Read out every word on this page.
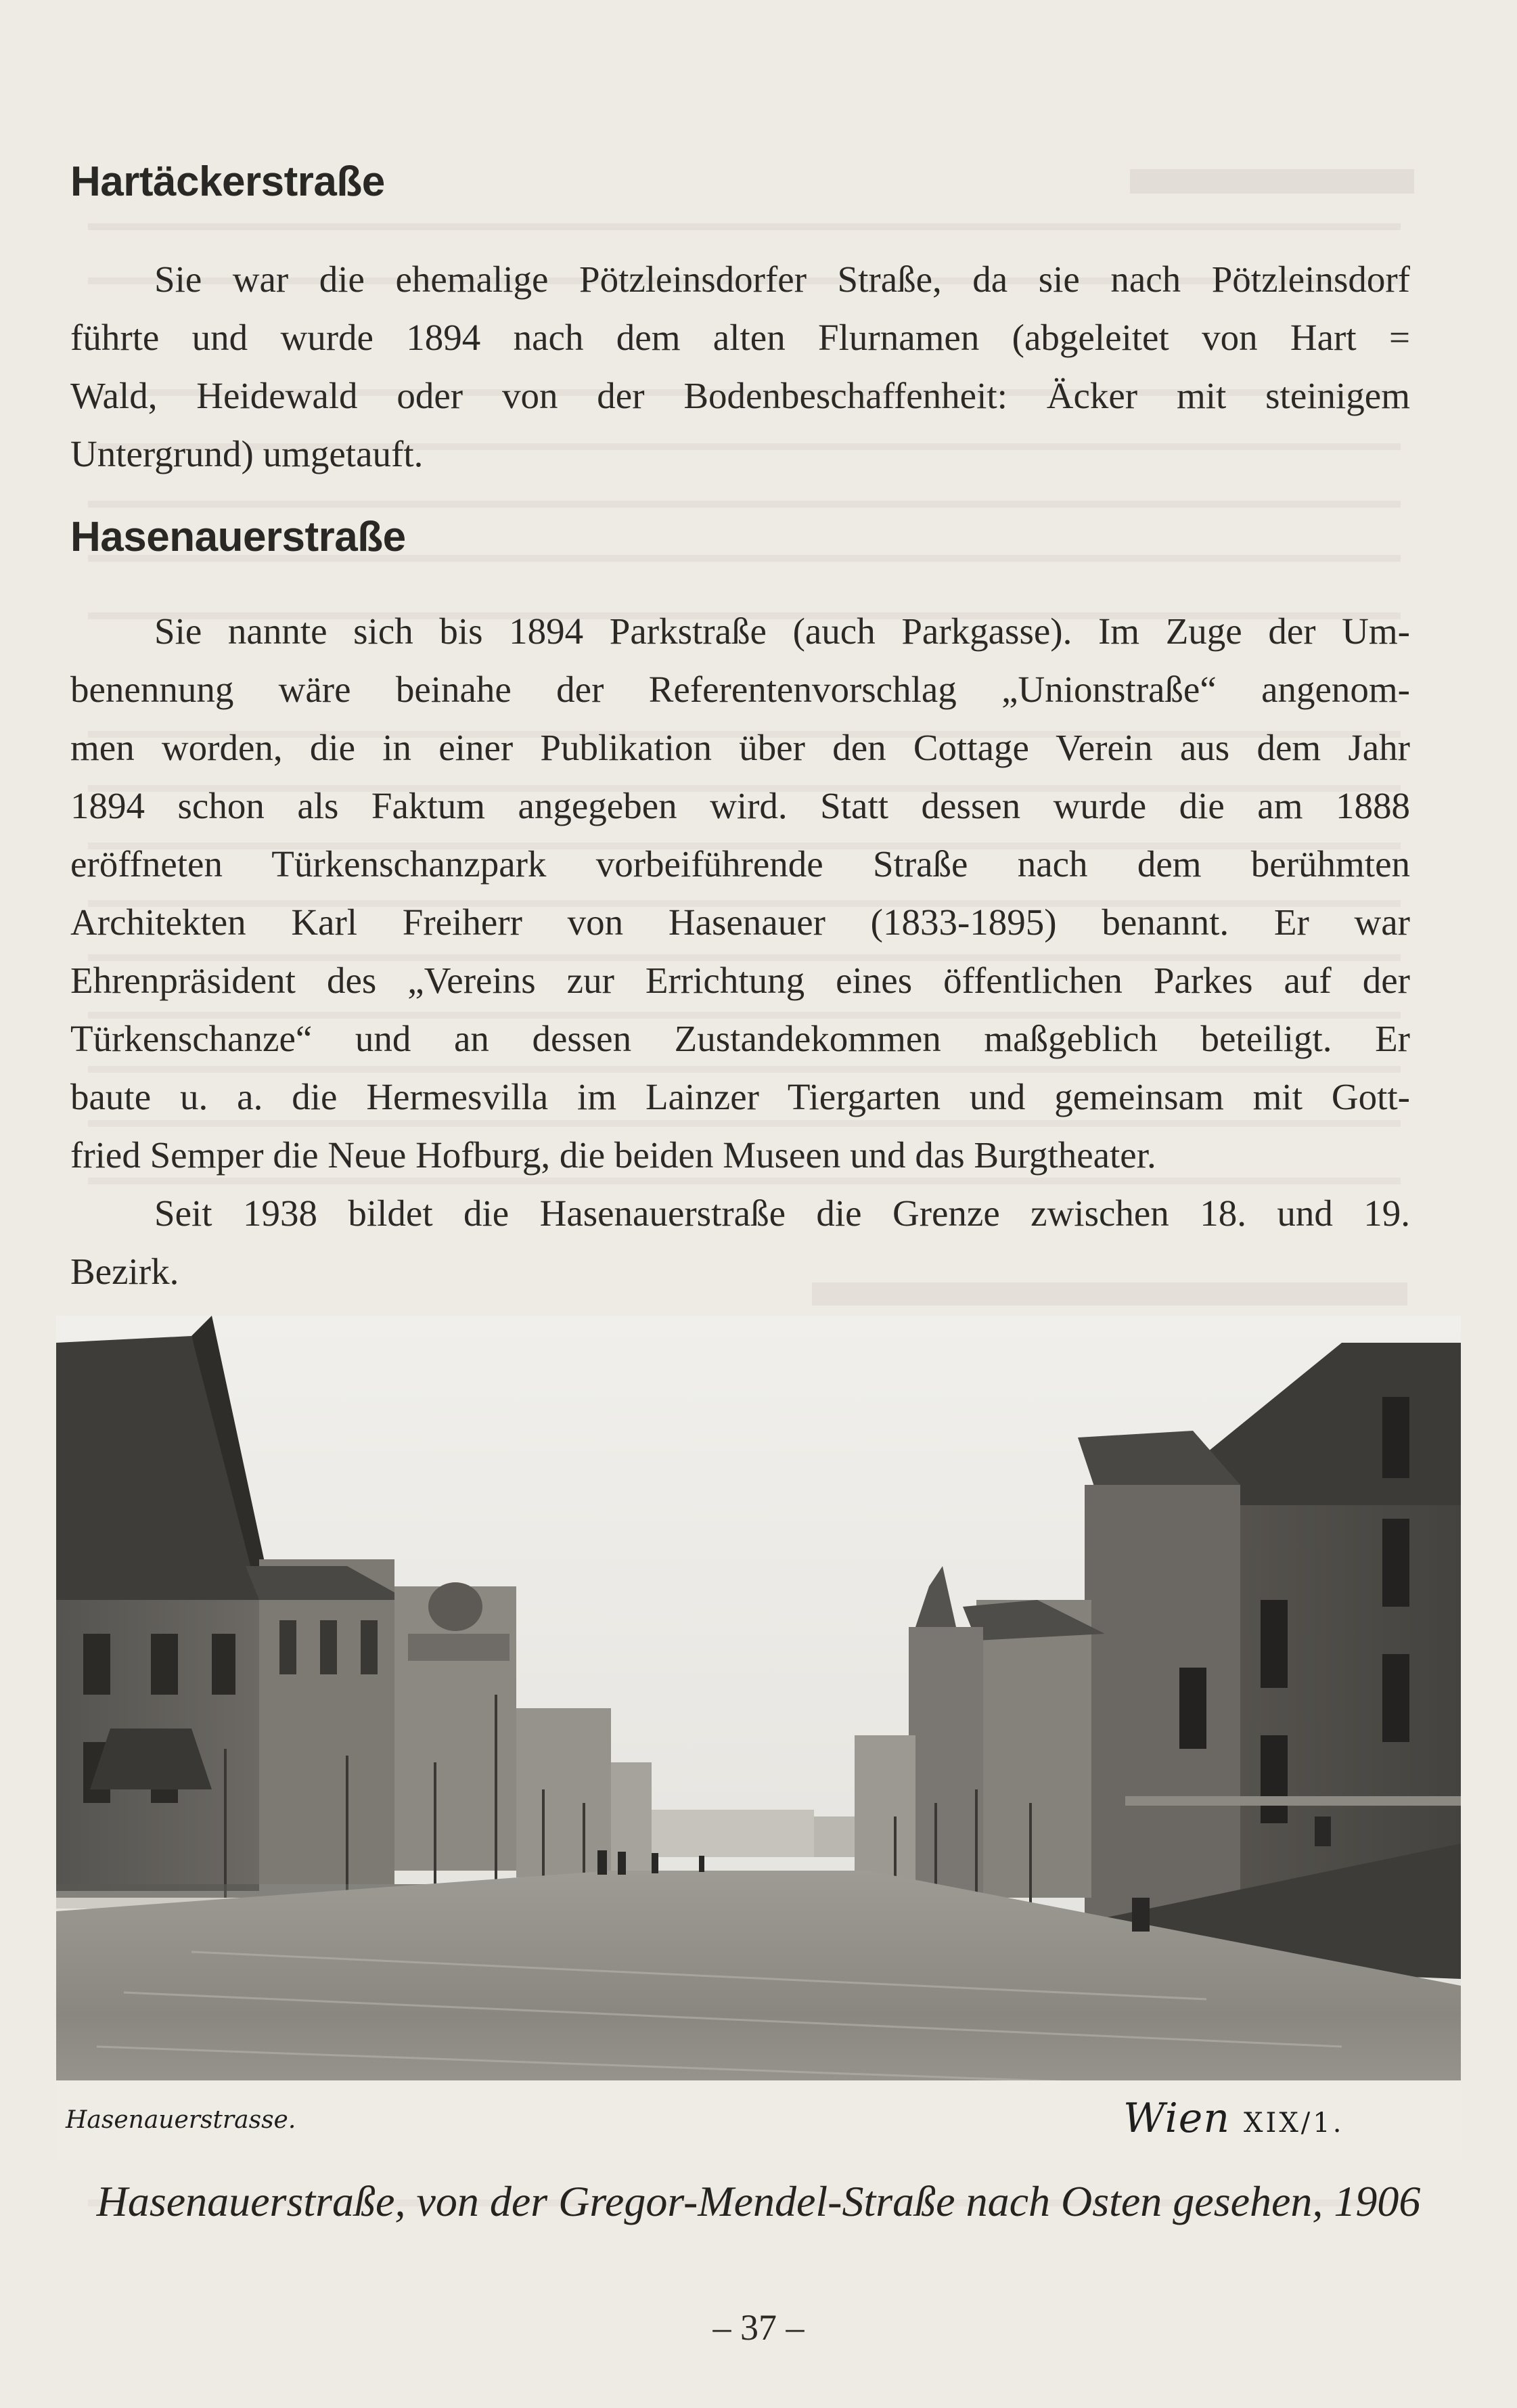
Hartäckerstraße
Sie war die ehemalige Pötzleinsdorfer Straße, da sie nach Pötzleinsdorf
führte und wurde 1894 nach dem alten Flurnamen (abgeleitet von Hart =
Wald, Heidewald oder von der Bodenbeschaffenheit: Äcker mit steinigem
Untergrund) umgetauft.
Hasenauerstraße
Sie nannte sich bis 1894 Parkstraße (auch Parkgasse). Im Zuge der Um-
benennung wäre beinahe der Referentenvorschlag „Unionstraße“ angenom-
men worden, die in einer Publikation über den Cottage Verein aus dem Jahr
1894 schon als Faktum angegeben wird. Statt dessen wurde die am 1888
eröffneten Türkenschanzpark vorbeiführende Straße nach dem berühmten
Architekten Karl Freiherr von Hasenauer (1833-1895) benannt. Er war
Ehrenpräsident des „Vereins zur Errichtung eines öffentlichen Parkes auf der
Türkenschanze“ und an dessen Zustandekommen maßgeblich beteiligt. Er
baute u. a. die Hermesvilla im Lainzer Tiergarten und gemeinsam mit Gott-
fried Semper die Neue Hofburg, die beiden Museen und das Burgtheater.
Seit 1938 bildet die Hasenauerstraße die Grenze zwischen 18. und 19.
Bezirk.
Hasenauerstrasse.	Wien XIX/1.
Hasenauerstraße, von der Gregor-Mendel-Straße nach Osten gesehen, 1906
– 37 –
